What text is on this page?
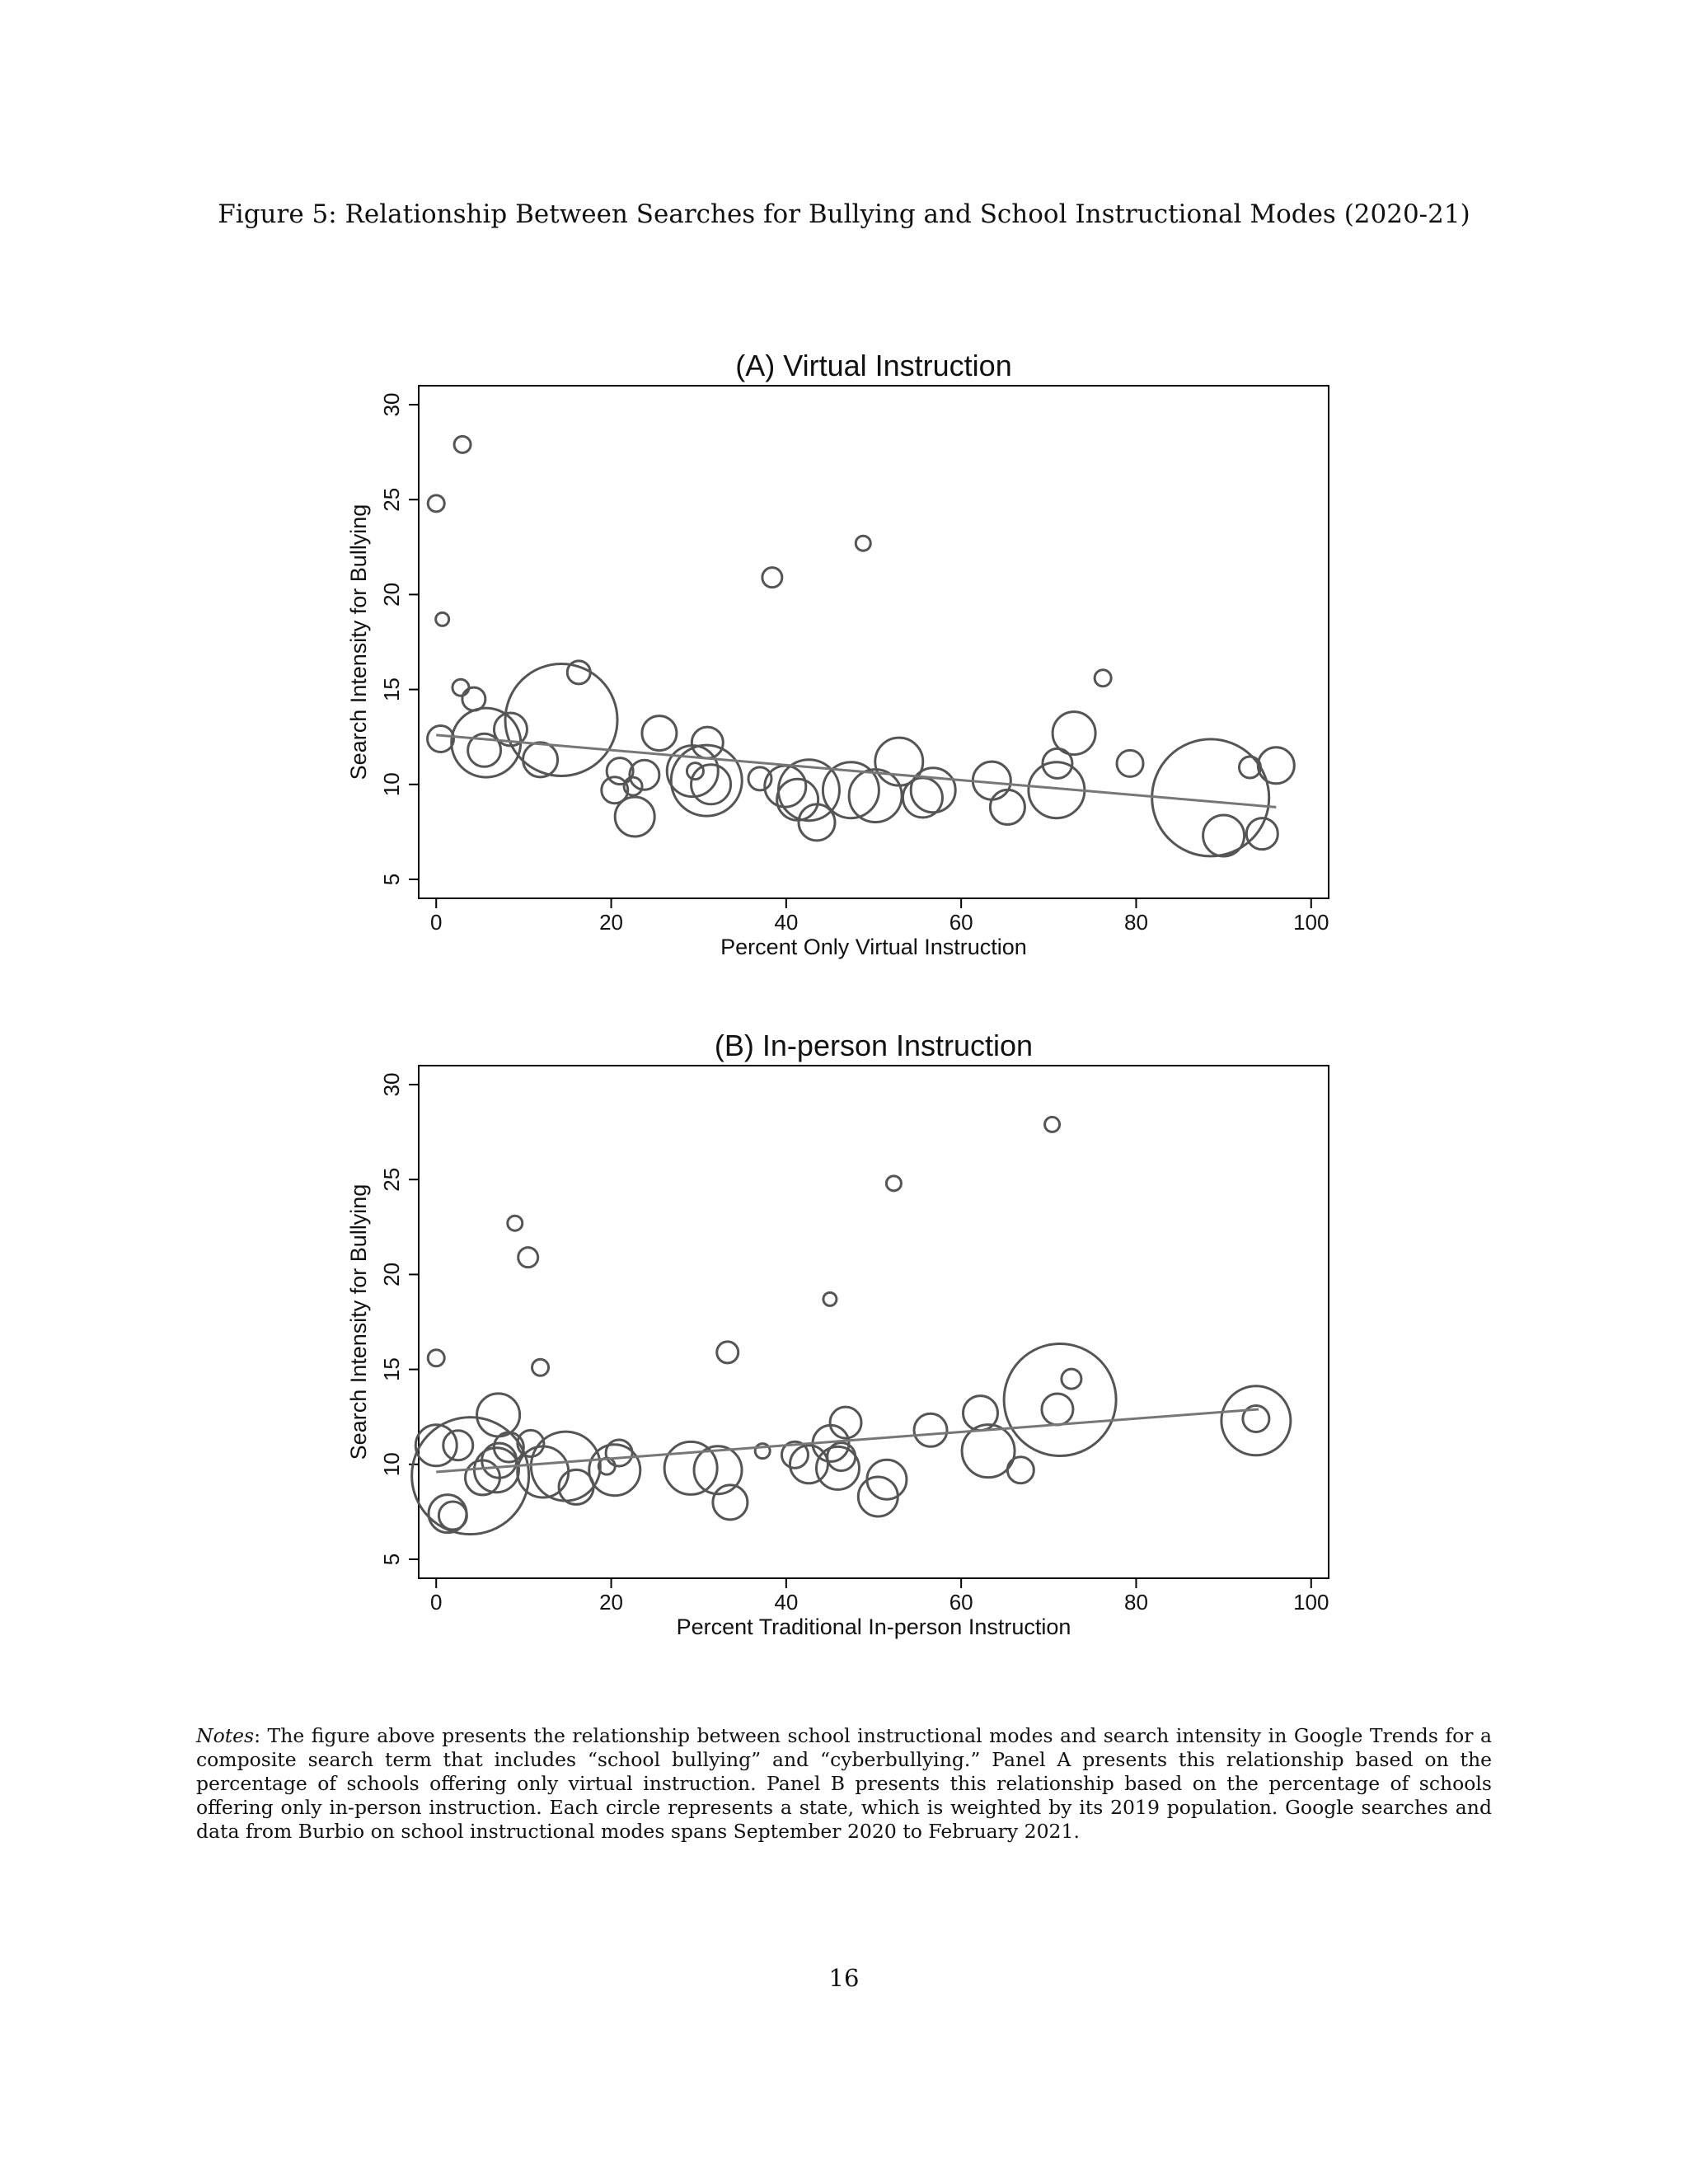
Figure 5: Relationship Between Searches for Bullying and School Instructional Modes (2020-21)
(A) Virtual Instruction
0	20	40	60	80	100
5
10
15
20
25
30
Percent Only Virtual Instruction
Search Intensity for Bullying
(B) In-person Instruction
0	20	40	60	80	100
5
10
15
20
25
30
Percent Traditional In-person Instruction
Search Intensity for Bullying
Notes: The figure above presents the relationship between school instructional modes and search intensity in Google Trends for a composite search term that includes “school bullying” and “cyberbullying.” Panel A presents this relationship based on the percentage of schools offering only virtual instruction. Panel B presents this relationship based on the percentage of schools offering only in-person instruction. Each circle represents a state, which is weighted by its 2019 population. Google searches and data from Burbio on school instructional modes spans September 2020 to February 2021.
16
